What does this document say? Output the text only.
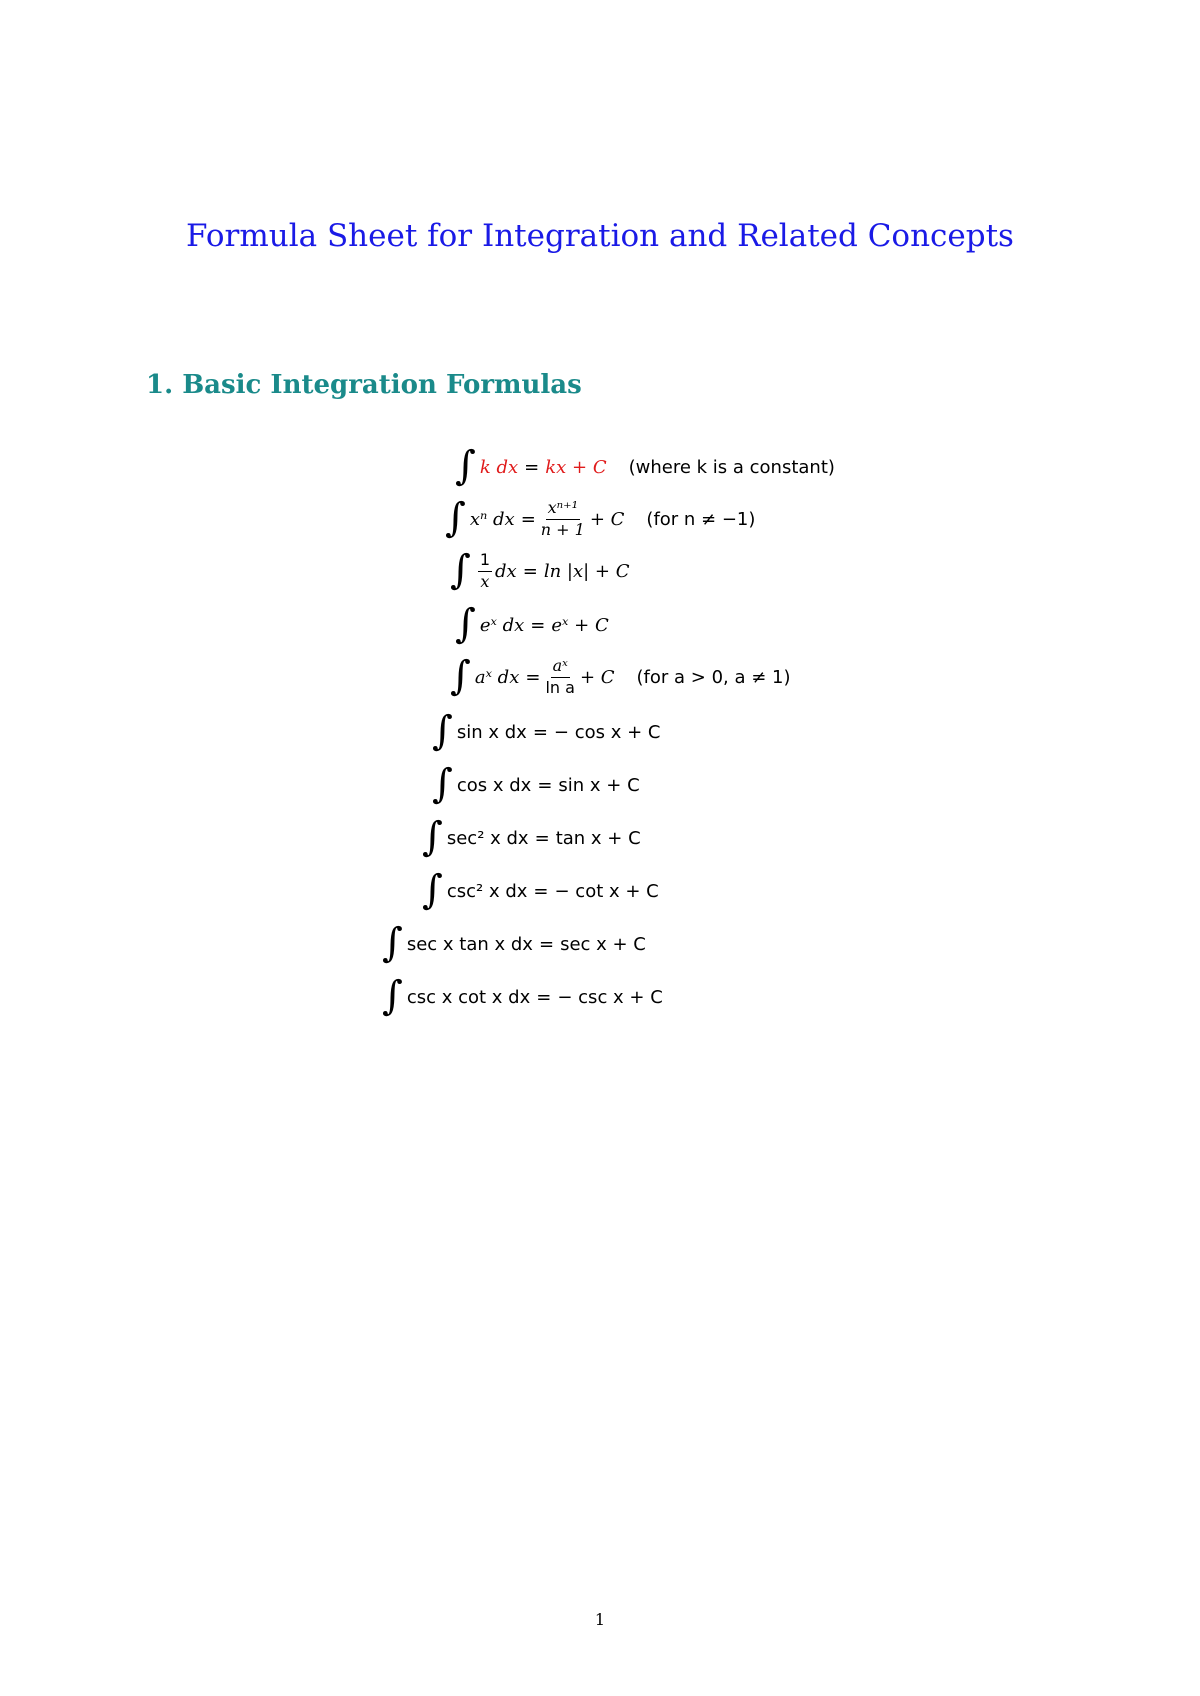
Formula Sheet for Integration and Related Concepts
1. Basic Integration Formulas
∫ k dx = kx + C (where k is a constant)
∫ xⁿ dx = $\frac{\text{xⁿ⁺¹}}{n + 1} + C$ (for n ≠ −1)
∫ $\frac{1}{x}$ dx = ln |x| + C
∫ eˣ dx = eˣ + C
∫ aˣ dx = $\frac{\text{aˣ}}{\text{ln a}} + C$ (for a > 0, a ≠ 1)
∫ sin x dx = − cos x + C
∫ cos x dx = sin x + C
∫ sec² x dx = tan x + C
∫ csc² x dx = − cot x + C
∫ sec x tan x dx = sec x + C
∫ csc x cot x dx = − csc x + C
1
